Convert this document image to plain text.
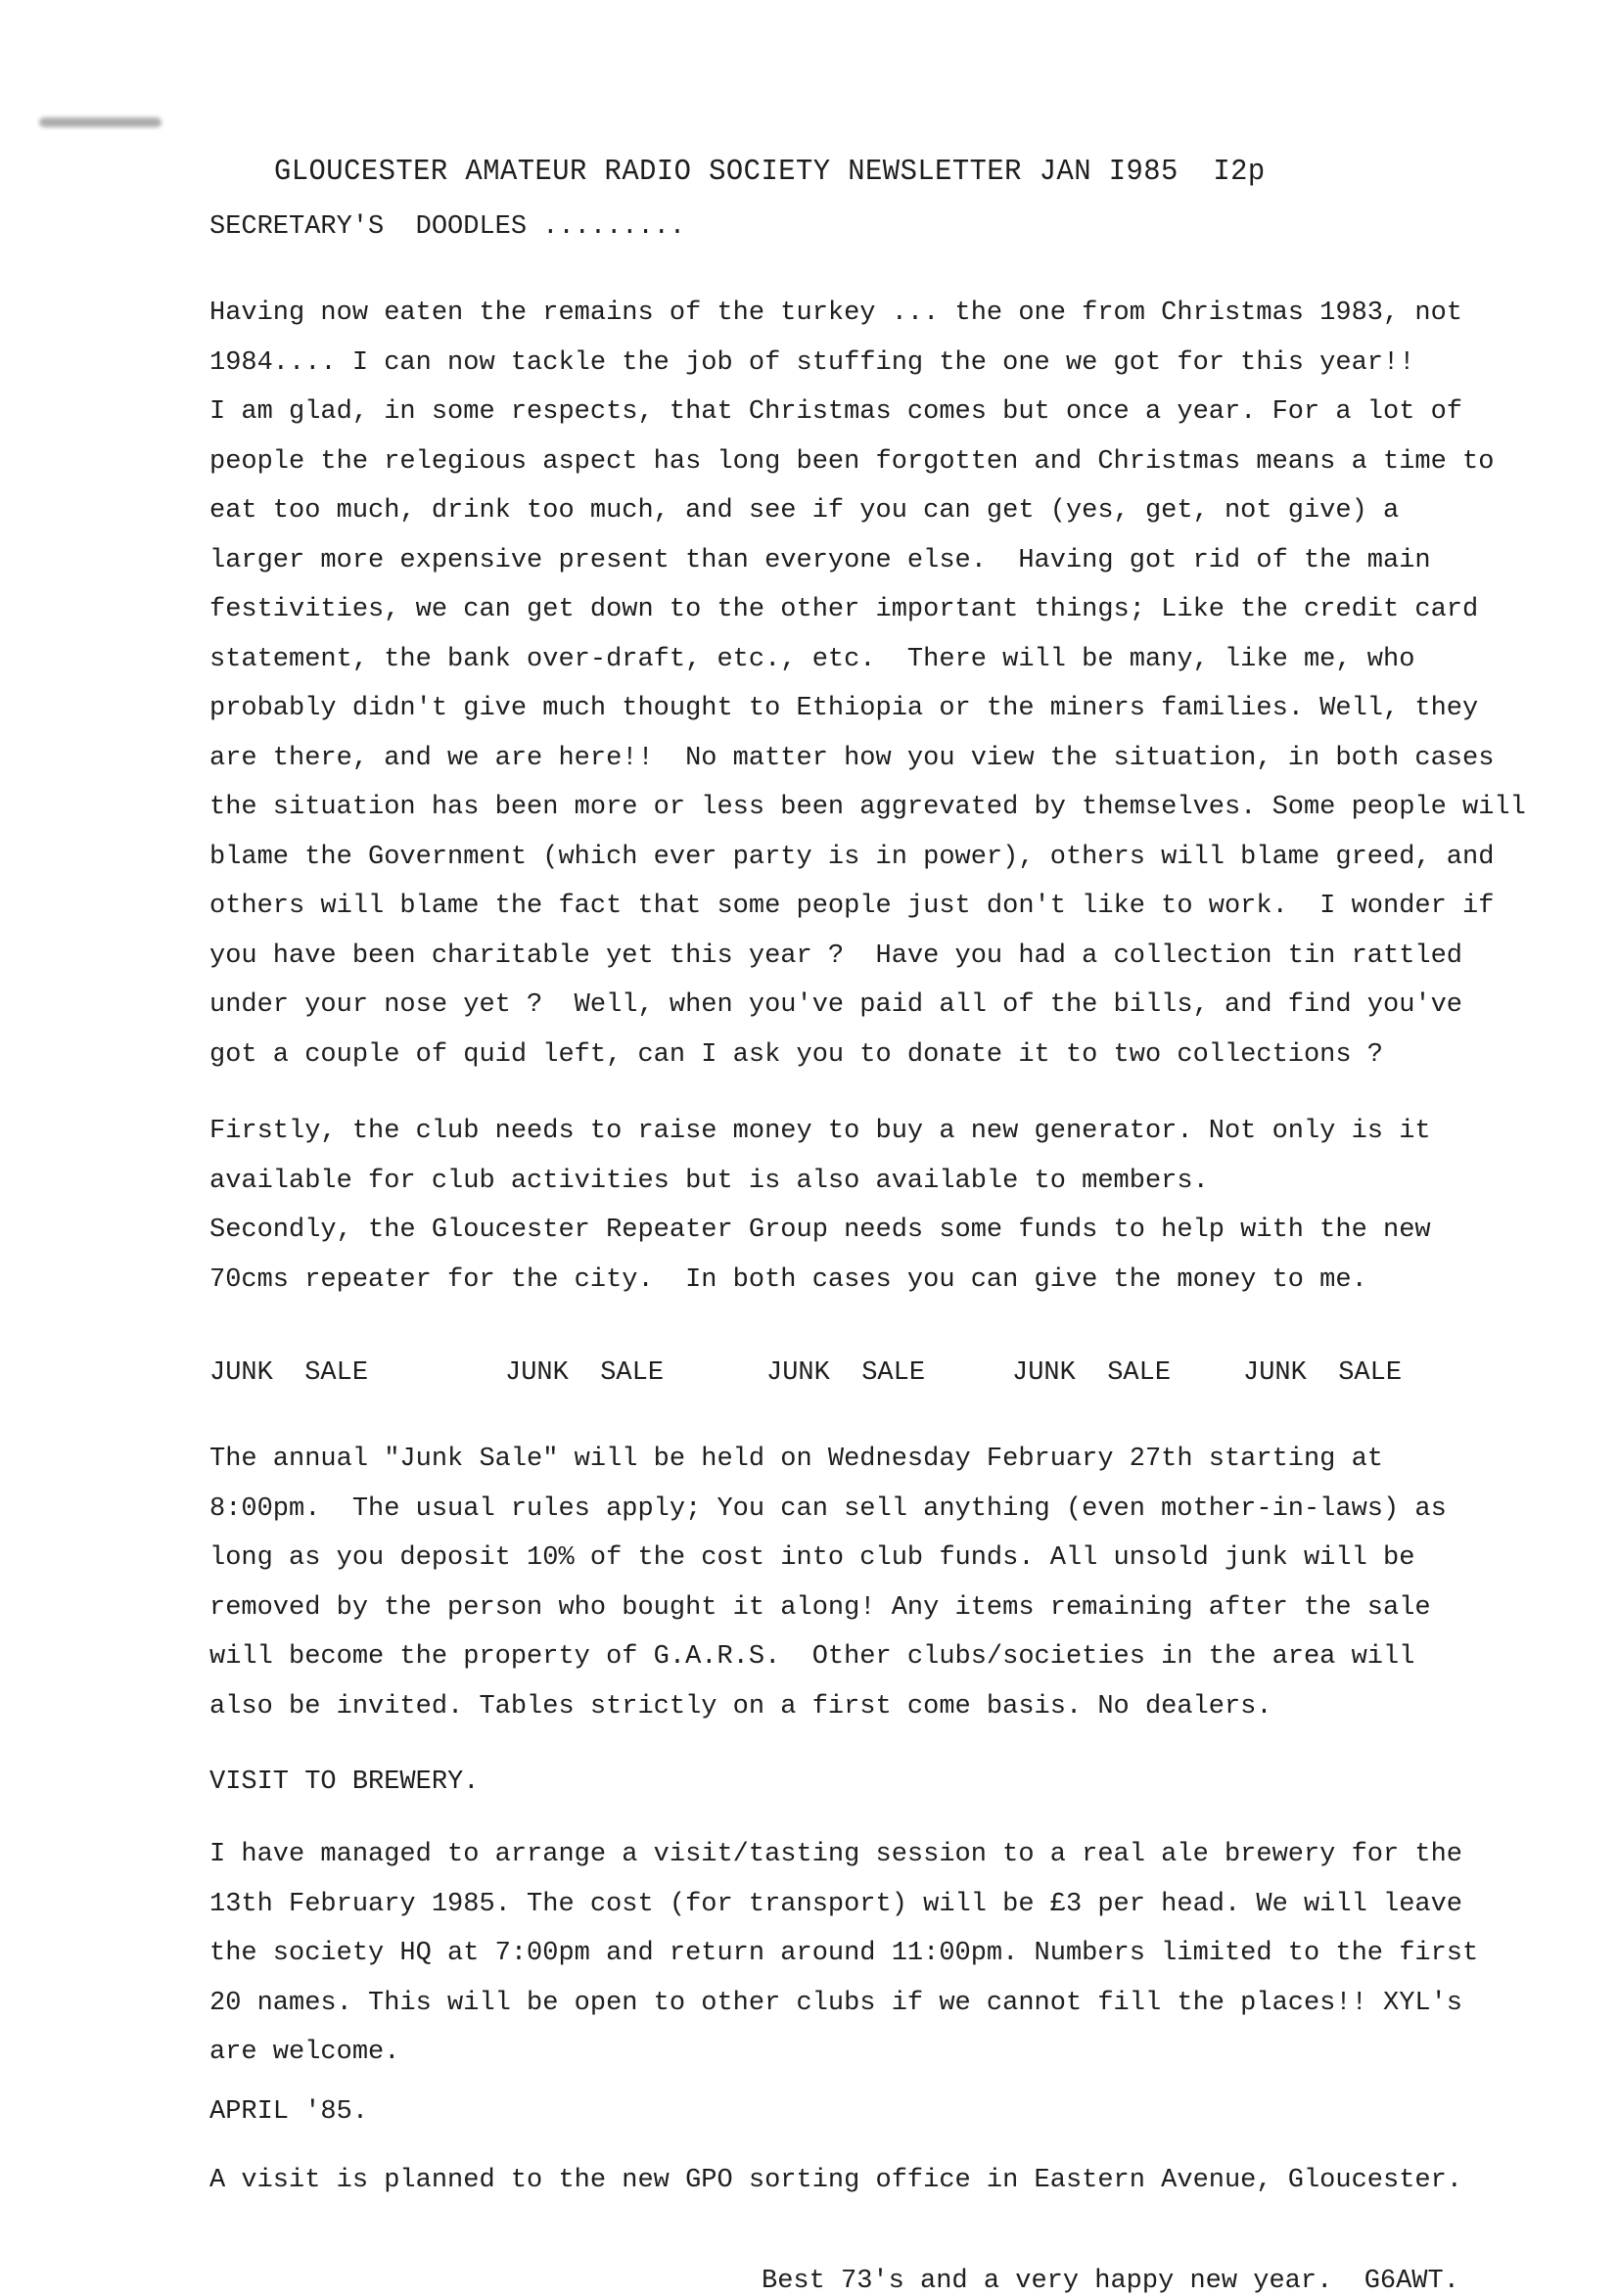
GLOUCESTER AMATEUR RADIO SOCIETY NEWSLETTER JAN I985  I2p
SECRETARY'S  DOODLES .........
Having now eaten the remains of the turkey ... the one from Christmas 1983, not
1984.... I can now tackle the job of stuffing the one we got for this year!!
I am glad, in some respects, that Christmas comes but once a year. For a lot of
people the relegious aspect has long been forgotten and Christmas means a time to
eat too much, drink too much, and see if you can get (yes, get, not give) a
larger more expensive present than everyone else.  Having got rid of the main
festivities, we can get down to the other important things; Like the credit card
statement, the bank over-draft, etc., etc.  There will be many, like me, who
probably didn't give much thought to Ethiopia or the miners families. Well, they
are there, and we are here!!  No matter how you view the situation, in both cases
the situation has been more or less been aggrevated by themselves. Some people will
blame the Government (which ever party is in power), others will blame greed, and
others will blame the fact that some people just don't like to work.  I wonder if
you have been charitable yet this year ?  Have you had a collection tin rattled
under your nose yet ?  Well, when you've paid all of the bills, and find you've
got a couple of quid left, can I ask you to donate it to two collections ?
Firstly, the club needs to raise money to buy a new generator. Not only is it
available for club activities but is also available to members.
Secondly, the Gloucester Repeater Group needs some funds to help with the new
70cms repeater for the city.  In both cases you can give the money to me.
JUNK  SALE	JUNK  SALE	JUNK  SALE	JUNK  SALE	JUNK  SALE
The annual "Junk Sale" will be held on Wednesday February 27th starting at
8:00pm.  The usual rules apply; You can sell anything (even mother-in-laws) as
long as you deposit 10% of the cost into club funds. All unsold junk will be
removed by the person who bought it along! Any items remaining after the sale
will become the property of G.A.R.S.  Other clubs/societies in the area will
also be invited. Tables strictly on a first come basis. No dealers.
VISIT TO BREWERY.
I have managed to arrange a visit/tasting session to a real ale brewery for the
13th February 1985. The cost (for transport) will be £3 per head. We will leave
the society HQ at 7:00pm and return around 11:00pm. Numbers limited to the first
20 names. This will be open to other clubs if we cannot fill the places!! XYL's
are welcome.
APRIL '85.
A visit is planned to the new GPO sorting office in Eastern Avenue, Gloucester.
Best 73's and a very happy new year.  G6AWT.
